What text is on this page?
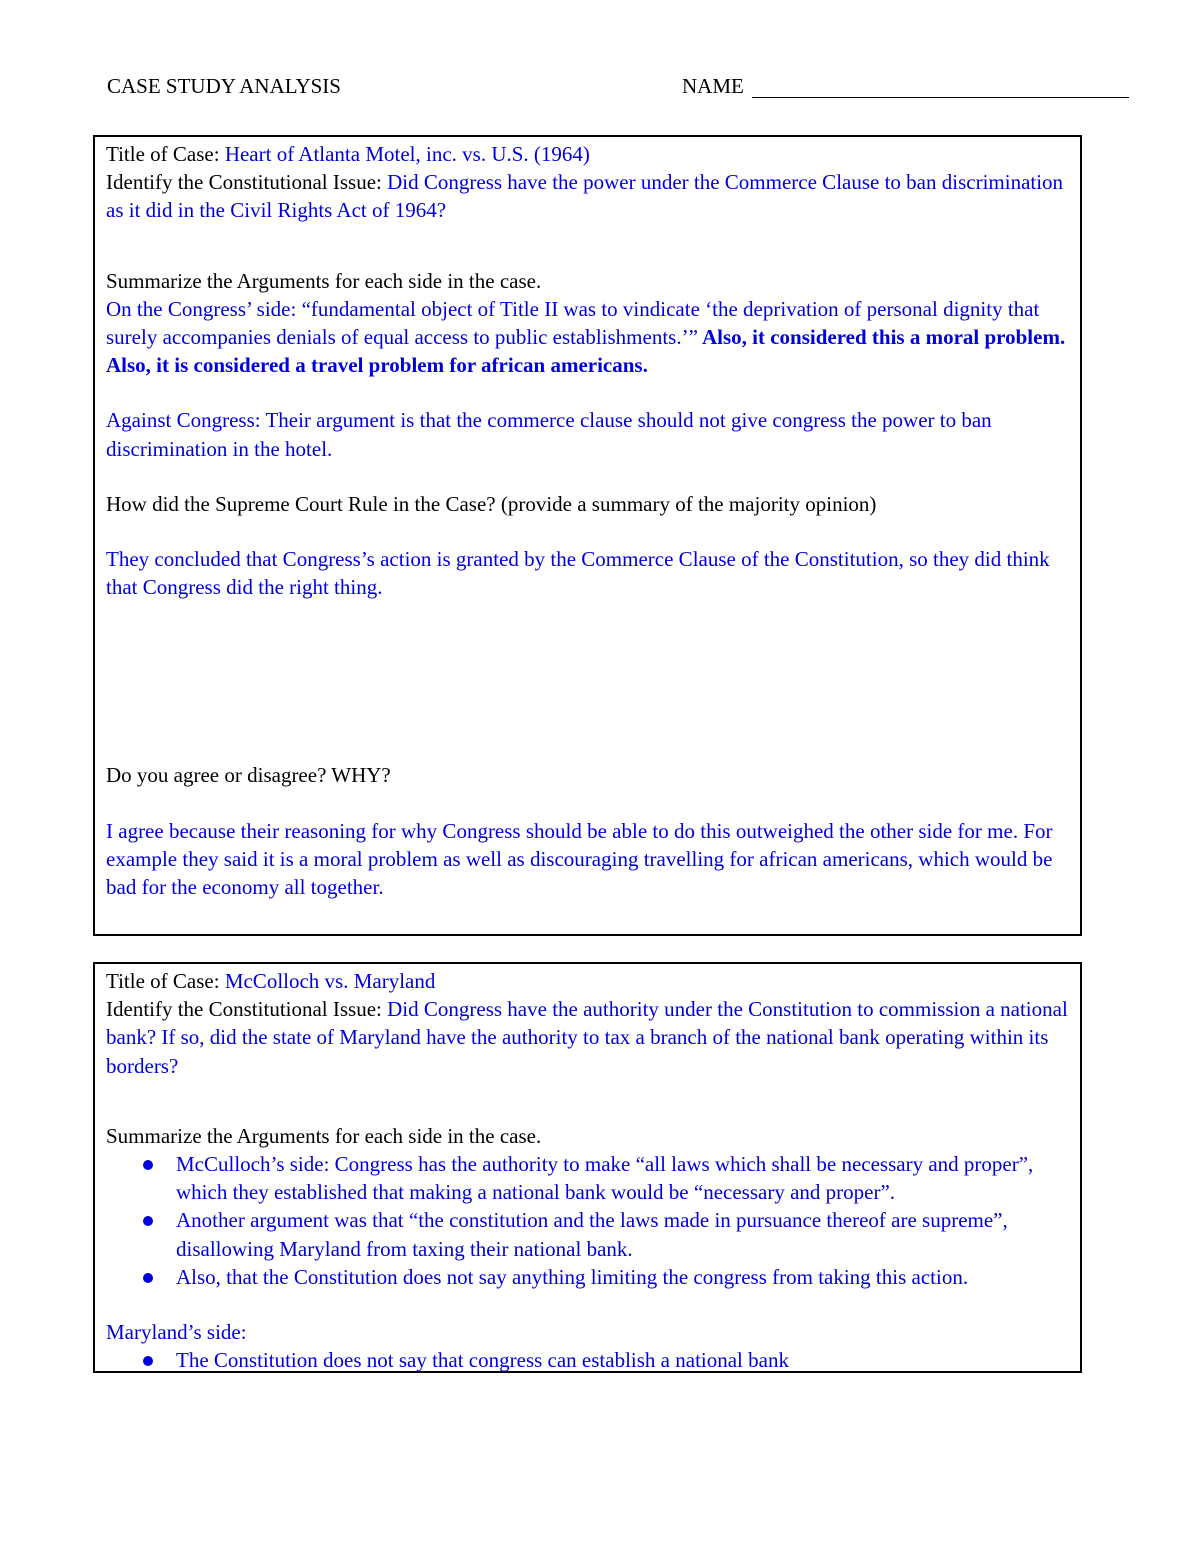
CASE STUDY ANALYSIS	NAME

Title of Case: Heart of Atlanta Motel, inc. vs. U.S. (1964)

Identify the Constitutional Issue: Did Congress have the power under the Commerce Clause to ban discrimination as it did in the Civil Rights Act of 1964?

Summarize the Arguments for each side in the case.

On the Congress’ side: “fundamental object of Title II was to vindicate ‘the deprivation of personal dignity that surely accompanies denials of equal access to public establishments.’” Also, it considered this a moral problem. Also, it is considered a travel problem for african americans.

Against Congress: Their argument is that the commerce clause should not give congress the power to ban discrimination in the hotel.

How did the Supreme Court Rule in the Case? (provide a summary of the majority opinion)

They concluded that Congress’s action is granted by the Commerce Clause of the Constitution, so they did think that Congress did the right thing.

Do you agree or disagree? WHY?

I agree because their reasoning for why Congress should be able to do this outweighed the other side for me. For example they said it is a moral problem as well as discouraging travelling for african americans, which would be bad for the economy all together.

Title of Case: McColloch vs. Maryland

Identify the Constitutional Issue: Did Congress have the authority under the Constitution to commission a national bank? If so, did the state of Maryland have the authority to tax a branch of the national bank operating within its borders?

Summarize the Arguments for each side in the case.

McCulloch’s side: Congress has the authority to make “all laws which shall be necessary and proper”, which they established that making a national bank would be “necessary and proper”.
Another argument was that “the constitution and the laws made in pursuance thereof are supreme”, disallowing Maryland from taxing their national bank.
Also, that the Constitution does not say anything limiting the congress from taking this action.

Maryland’s side:

The Constitution does not say that congress can establish a national bank
